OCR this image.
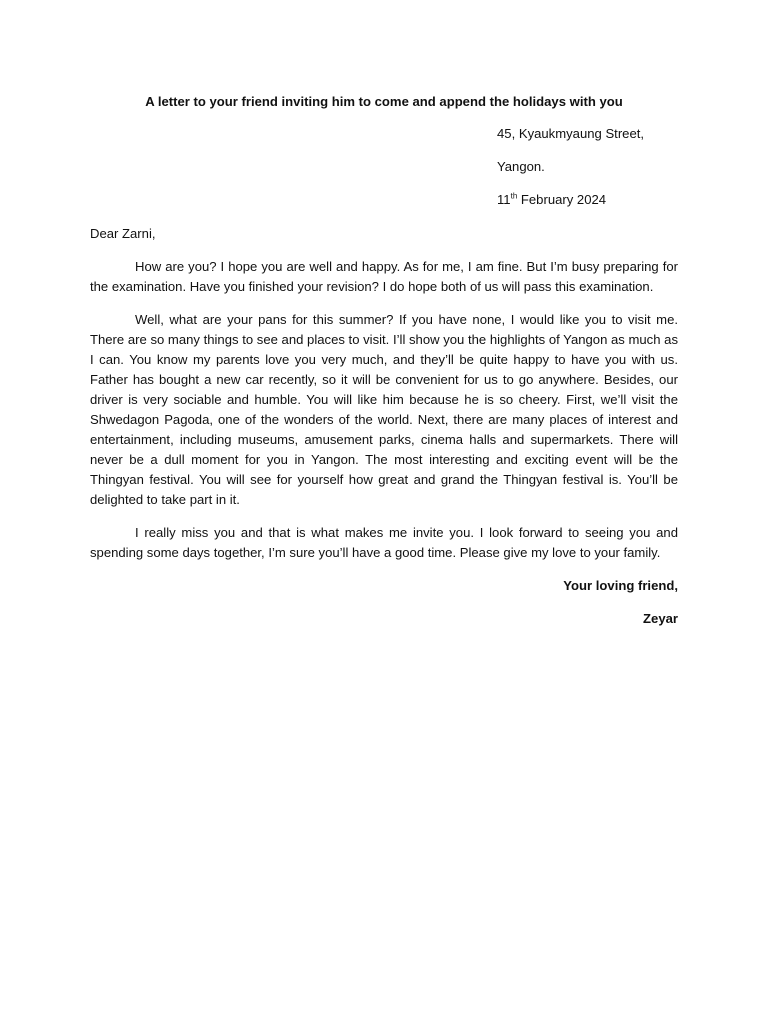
A letter to your friend inviting him to come and append the holidays with you
45, Kyaukmyaung Street,
Yangon.
11th February 2024
Dear Zarni,

How are you? I hope you are well and happy. As for me, I am fine. But I’m busy preparing for the examination. Have you finished your revision? I do hope both of us will pass this examination.

Well, what are your pans for this summer? If you have none, I would like you to visit me. There are so many things to see and places to visit. I’ll show you the highlights of Yangon as much as I can. You know my parents love you very much, and they’ll be quite happy to have you with us. Father has bought a new car recently, so it will be convenient for us to go anywhere. Besides, our driver is very sociable and humble. You will like him because he is so cheery. First, we’ll visit the Shwedagon Pagoda, one of the wonders of the world. Next, there are many places of interest and entertainment, including museums, amusement parks, cinema halls and supermarkets. There will never be a dull moment for you in Yangon. The most interesting and exciting event will be the Thingyan festival. You will see for yourself how great and grand the Thingyan festival is. You’ll be delighted to take part in it.

I really miss you and that is what makes me invite you. I look forward to seeing you and spending some days together, I’m sure you’ll have a good time. Please give my love to your family.

Your loving friend,
Zeyar
